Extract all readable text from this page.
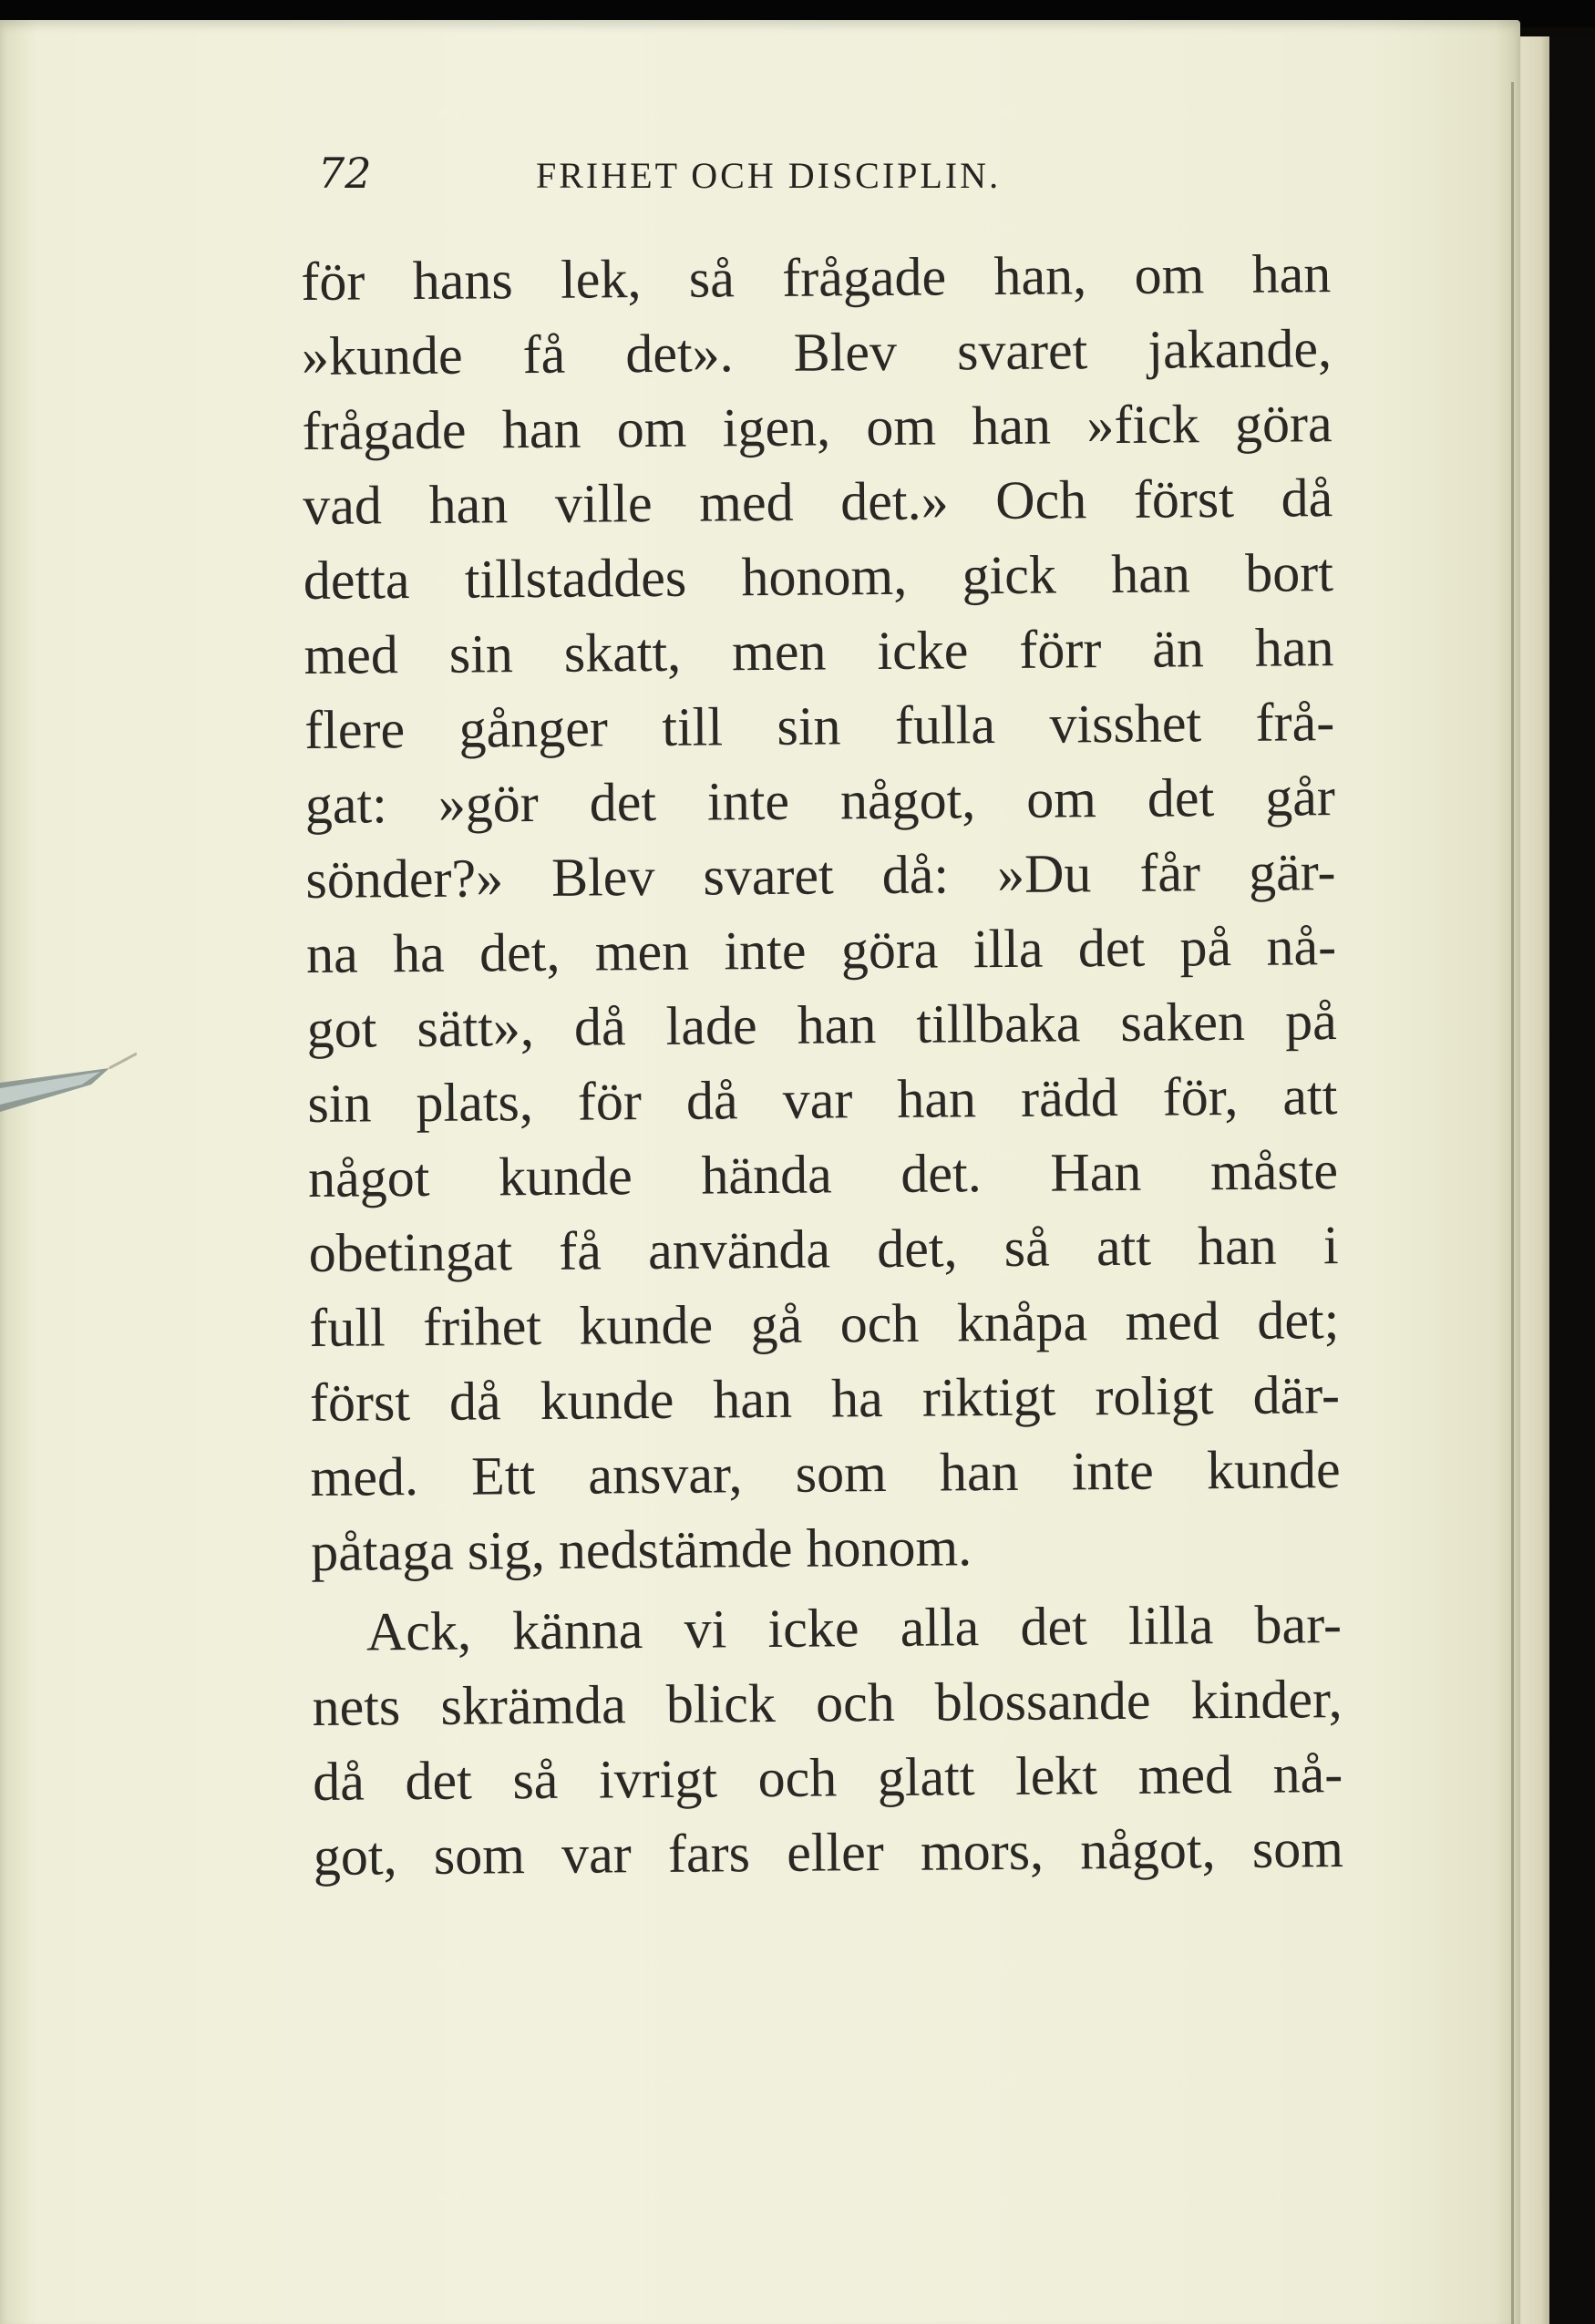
72	FRIHET OCH DISCIPLIN.
för hans lek, så frågade han, om han
»kunde få det». Blev svaret jakande,
frågade han om igen, om han »fick göra
vad han ville med det.» Och först då
detta tillstaddes honom, gick han bort
med sin skatt, men icke förr än han
flere gånger till sin fulla visshet frå-
gat: »gör det inte något, om det går
sönder?» Blev svaret då: »Du får gär-
na ha det, men inte göra illa det på nå-
got sätt», då lade han tillbaka saken på
sin plats, för då var han rädd för, att
något kunde hända det. Han måste
obetingat få använda det, så att han i
full frihet kunde gå och knåpa med det;
först då kunde han ha riktigt roligt där-
med. Ett ansvar, som han inte kunde
påtaga sig, nedstämde honom.
Ack, känna vi icke alla det lilla bar-
nets skrämda blick och blossande kinder,
då det så ivrigt och glatt lekt med nå-
got, som var fars eller mors, något, som
